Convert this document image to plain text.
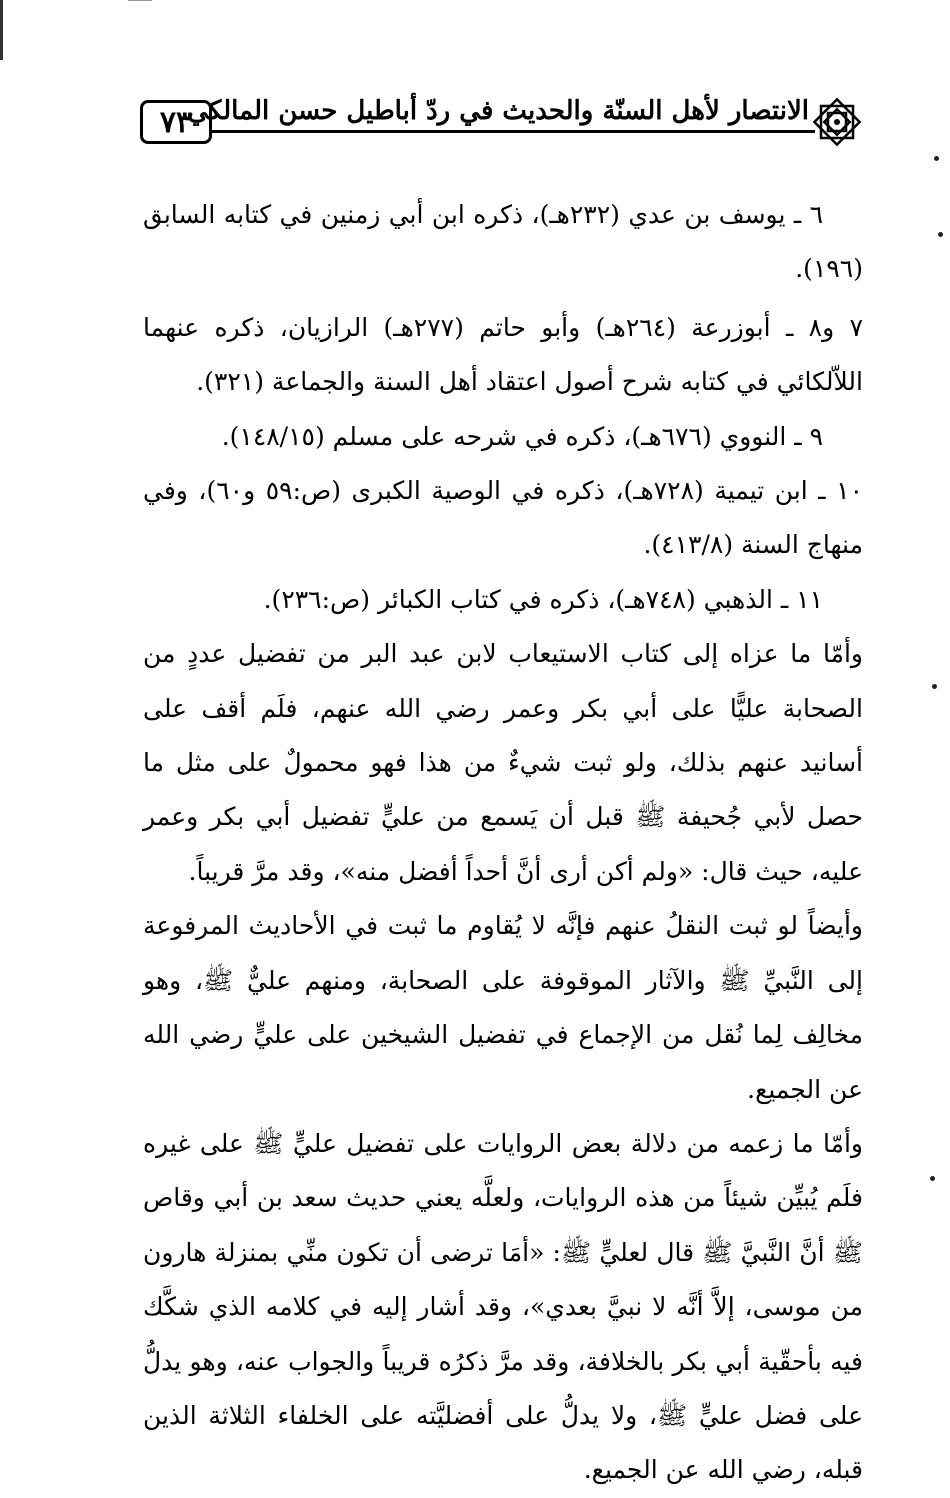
٧٣
الانتصار لأهل السنّة والحديث في ردّ أباطيل حسن المالكي

٦ ـ يوسف بن عدي (٢٣٢هـ)، ذكره ابن أبي زمنين في كتابه السابق (١٩٦).

٧ و٨ ـ أبوزرعة (٢٦٤هـ) وأبو حاتم (٢٧٧هـ) الرازيان، ذكره عنهما اللاّلكائي في كتابه شرح أصول اعتقاد أهل السنة والجماعة (٣٢١).

٩ ـ النووي (٦٧٦هـ)، ذكره في شرحه على مسلم (١٤٨/١٥).

١٠ ـ ابن تيمية (٧٢٨هـ)، ذكره في الوصية الكبرى (ص:٥٩ و٦٠)، وفي منهاج السنة (٤١٣/٨).

١١ ـ الذهبي (٧٤٨هـ)، ذكره في كتاب الكبائر (ص:٢٣٦).

وأمّا ما عزاه إلى كتاب الاستيعاب لابن عبد البر من تفضيل عددٍ من الصحابة عليًّا على أبي بكر وعمر رضي الله عنهم، فلَم أقف على أسانيد عنهم بذلك، ولو ثبت شيءٌ من هذا فهو محمولٌ على مثل ما حصل لأبي جُحيفة ﷺ قبل أن يَسمع من عليٍّ تفضيل أبي بكر وعمر عليه، حيث قال: «ولم أكن أرى أنَّ أحداً أفضل منه»، وقد مرَّ قريباً.

وأيضاً لو ثبت النقلُ عنهم فإنَّه لا يُقاوم ما ثبت في الأحاديث المرفوعة إلى النَّبيِّ ﷺ والآثار الموقوفة على الصحابة، ومنهم عليٌّ ﷺ، وهو مخالِف لِما نُقل من الإجماع في تفضيل الشيخين على عليٍّ رضي الله عن الجميع.

وأمّا ما زعمه من دلالة بعض الروايات على تفضيل عليٍّ ﷺ على غيره فلَم يُبيِّن شيئاً من هذه الروايات، ولعلَّه يعني حديث سعد بن أبي وقاص ﷺ أنَّ النَّبيَّ ﷺ قال لعليٍّ ﷺ: «أمَا ترضى أن تكون منِّي بمنزلة هارون من موسى، إلاَّ أنَّه لا نبيَّ بعدي»، وقد أشار إليه في كلامه الذي شكَّك فيه بأحقّية أبي بكر بالخلافة، وقد مرَّ ذكرُه قريباً والجواب عنه، وهو يدلُّ على فضل عليٍّ ﷺ، ولا يدلُّ على أفضليَّته على الخلفاء الثلاثة الذين قبله، رضي الله عن الجميع.
